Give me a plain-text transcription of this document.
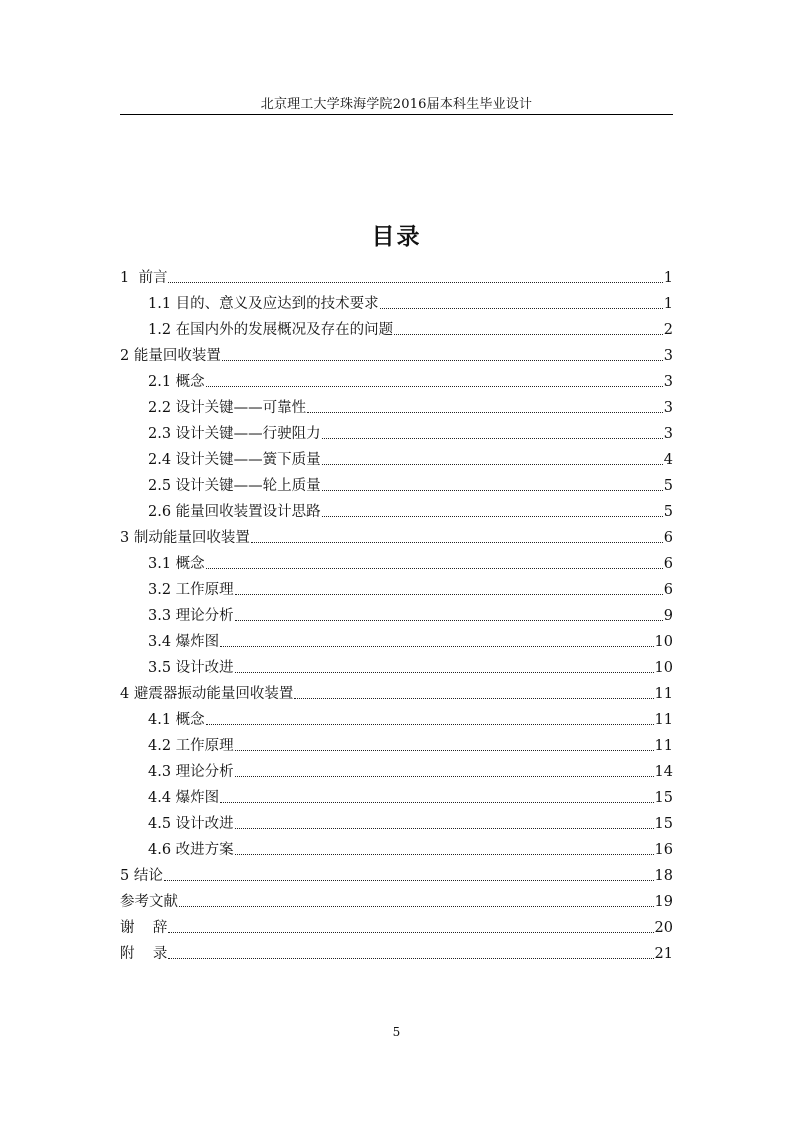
北京理工大学珠海学院2016届本科生毕业设计
目录
1  前言	1
1.1 目的、意义及应达到的技术要求	1
1.2 在国内外的发展概况及存在的问题	2
2 能量回收装置	3
2.1 概念	3
2.2 设计关键——可靠性	3
2.3 设计关键——行驶阻力	3
2.4 设计关键——簧下质量	4
2.5 设计关键——轮上质量	5
2.6 能量回收装置设计思路	5
3 制动能量回收装置	6
3.1 概念	6
3.2 工作原理	6
3.3 理论分析	9
3.4 爆炸图	10
3.5 设计改进	10
4 避震器振动能量回收装置	11
4.1 概念	11
4.2 工作原理	11
4.3 理论分析	14
4.4 爆炸图	15
4.5 设计改进	15
4.6 改进方案	16
5 结论	18
参考文献	19
谢    辞	20
附    录	21
5
